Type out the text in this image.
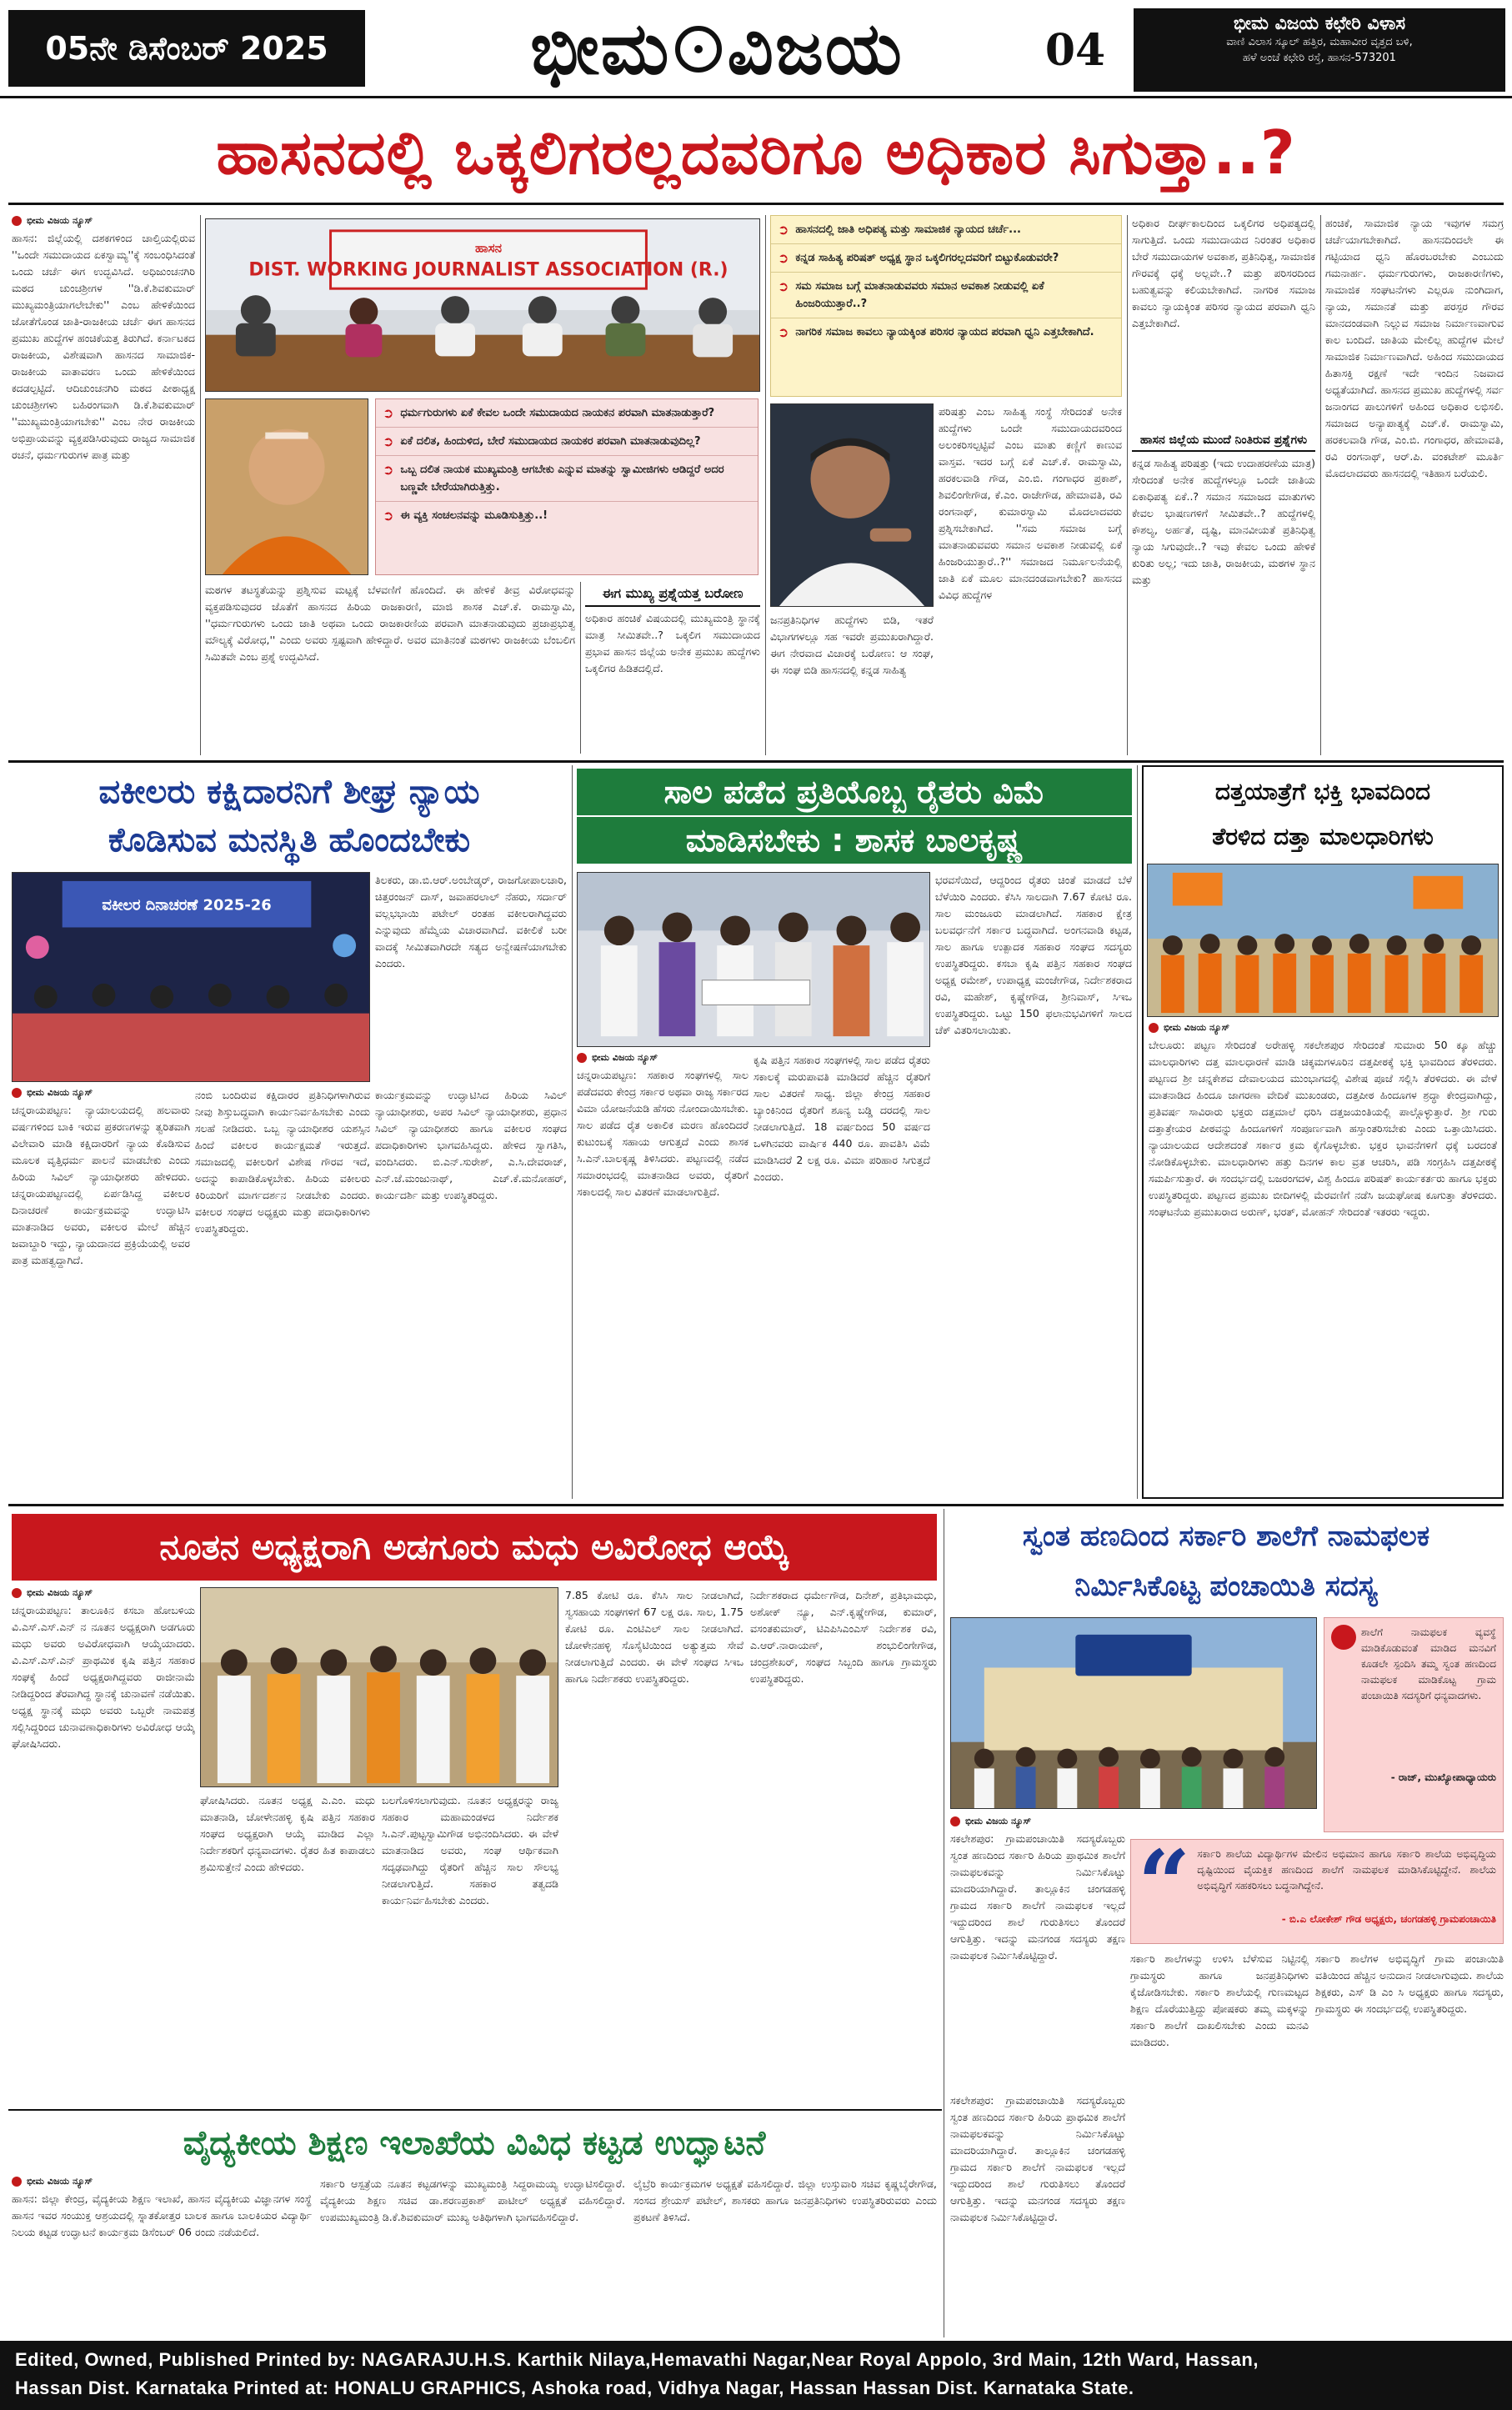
05ನೇ ಡಿಸೆಂಬರ್ 2025	ಭೀಮ ವಿಜಯ	04
ಭೀಮ ವಿಜಯ ಕಛೇರಿ ವಿಳಾಸ
ವಾಣಿ ವಿಲಾಸ ಸ್ಕೂಲ್ ಹತ್ತಿರ, ಮಹಾವೀರ ವೃತ್ತದ ಬಳಿ,
ಹಳೆ ಅಂಚೆ ಕಛೇರಿ ರಸ್ತೆ, ಹಾಸನ-573201
ಹಾಸನದಲ್ಲಿ ಒಕ್ಕಲಿಗರಲ್ಲದವರಿಗೂ ಅಧಿಕಾರ ಸಿಗುತ್ತಾ..?
ಭೀಮ ವಿಜಯ ನ್ಯೂಸ್
ಹಾಸನ: ಜಿಲ್ಲೆಯಲ್ಲಿ ದಶಕಗಳಿಂದ ಚಾಲ್ತಿಯಲ್ಲಿರುವ ''ಒಂದೇ ಸಮುದಾಯದ ಏಕಸ್ವಾಮ್ಯ''ಕ್ಕೆ ಸಂಬಂಧಿಸಿದಂತೆ ಒಂದು ಚರ್ಚೆ ಈಗ ಉದ್ಭವಿಸಿದೆ. ಅಧಿಜುಂಚನಗಿರಿ ಮಠದ ಚುಂಚಶ್ರೀಗಳ ''ಡಿ.ಕೆ.ಶಿವಕುಮಾರ್ ಮುಖ್ಯಮಂತ್ರಿಯಾಗಲೇಬೇಕು'' ಎಂಬ ಹೇಳಿಕೆಯಿಂದ ಜೋತೆಗೊಂಡ ಜಾತಿ-ರಾಜಕೀಯ ಚರ್ಚೆ ಈಗ ಹಾಸನದ ಪ್ರಮುಖ ಹುದ್ದೆಗಳ ಹಂಚಿಕೆಯತ್ತ ತಿರುಗಿದೆ. ಕರ್ನಾಟಕದ ರಾಜಕೀಯ, ವಿಶೇಷವಾಗಿ ಹಾಸನದ ಸಾಮಾಜಿಕ-ರಾಜಕೀಯ ವಾತಾವರಣ ಒಂದು ಹೇಳಿಕೆಯಿಂದ ಕದಡಲ್ಪಟ್ಟಿದೆ. ಆದಿಚುಂಚನಗಿರಿ ಮಠದ ಪೀಠಾಧ್ಯಕ್ಷ ಚುಂಚಶ್ರೀಗಳು ಬಹಿರಂಗವಾಗಿ ಡಿ.ಕೆ.ಶಿವಕುಮಾರ್ ''ಮುಖ್ಯಮಂತ್ರಿಯಾಗಬೇಕು'' ಎಂಬ ನೇರ ರಾಜಕೀಯ ಅಭಿಪ್ರಾಯವನ್ನು ವ್ಯಕ್ತಪಡಿಸಿರುವುದು ರಾಜ್ಯದ ಸಾಮಾಜಿಕ ರಚನೆ, ಧರ್ಮಗುರುಗಳ ಪಾತ್ರ ಮತ್ತು
ಹಾಸನ
DIST. WORKING JOURNALIST ASSOCIATION (R.)
➲ ಧರ್ಮಗುರುಗಳು ಏಕೆ ಕೇವಲ ಒಂದೇ ಸಮುದಾಯದ ನಾಯಕನ ಪರವಾಗಿ ಮಾತನಾಡುತ್ತಾರೆ?
➲ ಏಕೆ ದಲಿತ, ಹಿಂದುಳಿದ, ಬೇರೆ ಸಮುದಾಯದ ನಾಯಕರ ಪರವಾಗಿ ಮಾತನಾಡುವುದಿಲ್ಲ?
➲ ಒಬ್ಬ ದಲಿತ ನಾಯಕ ಮುಖ್ಯಮಂತ್ರಿ ಆಗಬೇಕು ಎನ್ನುವ ಮಾತನ್ನು ಸ್ವಾಮೀಜಿಗಳು ಆಡಿದ್ದರೆ ಅದರ ಬಣ್ಣವೇ ಬೇರೆಯಾಗಿರುತ್ತಿತ್ತು.
➲ ಈ ವ್ಯಕ್ತಿ ಸಂಚಲನವನ್ನು ಮೂಡಿಸುತ್ತಿತ್ತು..!
ಮಠಗಳ ತಟಸ್ಥತೆಯನ್ನು ಪ್ರಶ್ನಿಸುವ ಮಟ್ಟಕ್ಕೆ ಬೆಳವಣಿಗೆ ಹೊಂದಿದೆ. ಈ ಹೇಳಿಕೆ ತೀವ್ರ ವಿರೋಧವನ್ನು ವ್ಯಕ್ತಪಡಿಸುವುದರ ಜೊತೆಗೆ ಹಾಸನದ ಹಿರಿಯ ರಾಜಕಾರಣಿ, ಮಾಜಿ ಶಾಸಕ ಎಚ್.ಕೆ. ರಾಮಸ್ವಾಮಿ, ''ಧರ್ಮಗುರುಗಳು ಒಂದು ಜಾತಿ ಅಥವಾ ಒಂದು ರಾಜಕಾರಣಿಯ ಪರವಾಗಿ ಮಾತನಾಡುವುದು ಪ್ರಜಾಪ್ರಭುತ್ವ ಮೌಲ್ಯಕ್ಕೆ ವಿರೋಧ,'' ಎಂದು ಅವರು ಸ್ಪಷ್ಟವಾಗಿ ಹೇಳಿದ್ದಾರೆ. ಅವರ ಮಾತಿನಂತೆ ಮಠಗಳು ರಾಜಕೀಯ ಬೆಂಬಲಿಗ ಸಿಮಿತವೇ ಎಂಬ ಪ್ರಶ್ನೆ ಉದ್ಭವಿಸಿದೆ.
ಈಗ ಮುಖ್ಯ ಪ್ರಶ್ನೆಯತ್ತ ಬರೋಣ
ಅಧಿಕಾರ ಹಂಚಿಕೆ ವಿಷಯದಲ್ಲಿ ಮುಖ್ಯಮಂತ್ರಿ ಸ್ಥಾನಕ್ಕೆ ಮಾತ್ರ ಸೀಮಿತವೇ..? ಒಕ್ಕಲಿಗ ಸಮುದಾಯದ ಪ್ರಭಾವ ಹಾಸನ ಜಿಲ್ಲೆಯ ಅನೇಕ ಪ್ರಮುಖ ಹುದ್ದೆಗಳು ಒಕ್ಕಲಿಗರ ಹಿಡಿತದಲ್ಲಿದೆ.
➲ ಹಾಸನದಲ್ಲಿ ಜಾತಿ ಅಧಿಪತ್ಯ ಮತ್ತು ಸಾಮಾಜಿಕ ನ್ಯಾಯದ ಚರ್ಚೆ...
➲ ಕನ್ನಡ ಸಾಹಿತ್ಯ ಪರಿಷತ್ ಅಧ್ಯಕ್ಷ ಸ್ಥಾನ ಒಕ್ಕಲಿಗರಲ್ಲದವರಿಗೆ ಬಿಟ್ಟುಕೊಡುವರೇ?
➲ ಸಮ ಸಮಾಜ ಬಗ್ಗೆ ಮಾತನಾಡುವವರು ಸಮಾನ ಅವಕಾಶ ನೀಡುವಲ್ಲಿ ಏಕೆ ಹಿಂಜರಿಯುತ್ತಾರೆ..?
➲ ನಾಗರಿಕ ಸಮಾಜ ಕಾವಲು ನ್ಯಾಯಕ್ಕಿಂತ ಪರಿಸರ ನ್ಯಾಯದ ಪರವಾಗಿ ಧ್ವನಿ ಎತ್ತಬೇಕಾಗಿದೆ.
ಪರಿಷತ್ತು ಎಂಬ ಸಾಹಿತ್ಯ ಸಂಸ್ಥೆ ಸೇರಿದಂತೆ ಅನೇಕ ಹುದ್ದೆಗಳು ಒಂದೇ ಸಮುದಾಯದವರಿಂದ ಅಲಂಕರಿಸಲ್ಪಟ್ಟಿವೆ ಎಂಬ ಮಾತು ಕಣ್ಣಿಗೆ ಕಾಣುವ ವಾಸ್ತವ. ಇದರ ಬಗ್ಗೆ ಏಕೆ ಎಚ್.ಕೆ. ರಾಮಸ್ವಾಮಿ, ಹರಕಲವಾಡಿ ಗೌಡ, ಎಂ.ಬಿ. ಗಂಗಾಧರ ಪ್ರಕಾಶ್, ಶಿವಲಿಂಗೇಗೌಡ, ಕೆ.ಎಂ. ರಾಜೇಗೌಡ, ಹೇಮಾವತಿ, ರವಿ ರಂಗನಾಥ್, ಕುಮಾರಸ್ವಾಮಿ ಮೊದಲಾದವರು ಪ್ರಶ್ನಿಸಬೇಕಾಗಿದೆ. ''ಸಮ ಸಮಾಜ ಬಗ್ಗೆ ಮಾತನಾಡುವವರು ಸಮಾನ ಅವಕಾಶ ನೀಡುವಲ್ಲಿ ಏಕೆ ಹಿಂಜರಿಯುತ್ತಾರೆ..?'' ಸಮಾಜದ ನಿರ್ಮೂಲನೆಯಲ್ಲಿ ಜಾತಿ ಏಕೆ ಮೂಲ ಮಾನದಂಡವಾಗಬೇಕು? ಹಾಸನದ ವಿವಿಧ ಹುದ್ದೆಗಳ
ಜನಪ್ರತಿನಿಧಿಗಳ ಹುದ್ದೆಗಳು ಬಿಡಿ, ಇತರೆ ವಿಭಾಗಗಳಲ್ಲೂ ಸಹ ಇವರೇ ಪ್ರಮುಖರಾಗಿದ್ದಾರೆ. ಈಗ ನೇರವಾದ ವಿಚಾರಕ್ಕೆ ಬರೋಣ: ಆ ಸಂಘ, ಈ ಸಂಘ ಬಿಡಿ ಹಾಸನದಲ್ಲಿ ಕನ್ನಡ ಸಾಹಿತ್ಯ
ಅಧಿಕಾರ ದೀರ್ಘಕಾಲದಿಂದ ಒಕ್ಕಲಿಗರ ಅಧಿಪತ್ಯದಲ್ಲಿ ಸಾಗುತ್ತಿದೆ. ಒಂದು ಸಮುದಾಯದ ನಿರಂತರ ಅಧಿಕಾರ ಬೇರೆ ಸಮುದಾಯಗಳ ಅವಕಾಶ, ಪ್ರತಿನಿಧಿತ್ವ, ಸಾಮಾಜಿಕ ಗೌರವಕ್ಕೆ ಧಕ್ಕೆ ಅಲ್ಲವೇ..? ಮತ್ತು ಪರಿಸರದಿಂದ ಬಹುತ್ವವನ್ನು ಕಲಿಯಬೇಕಾಗಿದೆ. ನಾಗರಿಕ ಸಮಾಜ ಕಾವಲು ನ್ಯಾಯಕ್ಕಿಂತ ಪರಿಸರ ನ್ಯಾಯದ ಪರವಾಗಿ ಧ್ವನಿ ಎತ್ತಬೇಕಾಗಿದೆ.
ಹಾಸನ ಜಿಲ್ಲೆಯ ಮುಂದೆ ನಿಂತಿರುವ ಪ್ರಶ್ನೆಗಳು
ಕನ್ನಡ ಸಾಹಿತ್ಯ ಪರಿಷತ್ತು (ಇದು ಉದಾಹರಣೆಯ ಮಾತ್ರ) ಸೇರಿದಂತೆ ಅನೇಕ ಹುದ್ದೆಗಳಲ್ಲೂ ಒಂದೇ ಜಾತಿಯ ಏಕಾಧಿಪತ್ಯ ಏಕೆ..? ಸಮಾನ ಸಮಾಜದ ಮಾತುಗಳು ಕೇವಲ ಭಾಷಣಗಳಿಗೆ ಸೀಮಿತವೇ..? ಹುದ್ದೆಗಳಲ್ಲಿ ಕೌಶಲ್ಯ, ಅರ್ಹತೆ, ದೃಷ್ಟಿ, ಮಾನವೀಯತೆ ಪ್ರತಿನಿಧಿತ್ವ ನ್ಯಾಯ ಸಿಗುವುದೇ..? ಇವು ಕೇವಲ ಒಂದು ಹೇಳಿಕೆ ಕುರಿತು ಅಲ್ಲ; ಇದು ಜಾತಿ, ರಾಜಕೀಯ, ಮಠಗಳ ಸ್ಥಾನ ಮತ್ತು
ಹಂಚಿಕೆ, ಸಾಮಾಜಿಕ ನ್ಯಾಯ ಇವುಗಳ ಸಮಗ್ರ ಚರ್ಚೆಯಾಗಬೇಕಾಗಿದೆ. ಹಾಸನದಿಂದಲೇ ಈ ಗಟ್ಟಿಯಾದ ಧ್ವನಿ ಹೊರಬರಬೇಕು ಎಂಬುದು ಗಮನಾರ್ಹ. ಧರ್ಮಗುರುಗಳು, ರಾಜಕಾರಣಿಗಳು, ಸಾಮಾಜಿಕ ಸಂಘಟನೆಗಳು ಎಲ್ಲರೂ ನುಂಗಿದಾಗ, ನ್ಯಾಯ, ಸಮಾನತೆ ಮತ್ತು ಪರಸ್ಪರ ಗೌರವ ಮಾನದಂಡವಾಗಿ ನಿಲ್ಲುವ ಸಮಾಜ ನಿರ್ಮಾಣವಾಗುವ ಕಾಲ ಬಂದಿದೆ. ಜಾತಿಯ ಮೇಲಿಲ್ಲ ಹುದ್ದೆಗಳ ಮೇಲೆ ಸಾಮಾಜಿಕ ನಿರ್ಮಾಣವಾಗಿದೆ. ಅಹಿಂದ ಸಮುದಾಯದ ಹಿತಾಸಕ್ತಿ ರಕ್ಷಣೆ ಇದೇ ಇಂದಿನ ನಿಜವಾದ ಅಧ್ಯತೆಯಾಗಿದೆ. ಹಾಸನದ ಪ್ರಮುಖ ಹುದ್ದೆಗಳಲ್ಲಿ ಸರ್ವ ಜನಾಂಗದ ಪಾಲುಗಳಿಗೆ ಅಹಿಂದ ಅಧಿಕಾರ ಲಭಿಸಲಿ. ಸಮಾಜದ ಅನ್ಯಾಪಾತ್ಯಕ್ಕೆ ಎಚ್.ಕೆ. ರಾಮಸ್ವಾಮಿ, ಹರಕಲವಾಡಿ ಗೌಡ, ಎಂ.ಬಿ. ಗಂಗಾಧರ, ಹೇಮಾವತಿ, ರವಿ ರಂಗನಾಥ್, ಆರ್.ಪಿ. ವಂಕಟೇಶ್ ಮೂರ್ತಿ ಮೊದಲಾದವರು ಹಾಸನದಲ್ಲಿ ಇತಿಹಾಸ ಬರೆಯಲಿ.
ವಕೀಲರು ಕಕ್ಷಿದಾರನಿಗೆ ಶೀಘ್ರ ನ್ಯಾಯ
ಕೊಡಿಸುವ ಮನಸ್ಥಿತಿ ಹೊಂದಬೇಕು
ವಕೀಲರ ದಿನಾಚರಣೆ 2025-26
ತಿಲಕರು, ಡಾ.ಬಿ.ಆರ್.ಅಂಬೇಡ್ಕರ್, ರಾಜಗೋಪಾಲಚಾರಿ, ಚಿತ್ತರಂಜನ್ ದಾಸ್, ಜವಾಹರಲಾಲ್ ನೆಹರು, ಸರ್ದಾರ್ ವಲ್ಲಭಭಾಯಿ ಪಟೇಲ್ ರಂತಹ ವಕೀಲರಾಗಿದ್ದವರು ಎನ್ನುವುದು ಹೆಮ್ಮೆಯ ವಿಚಾರವಾಗಿದೆ. ವಕೀಲಿಕೆ ಬರೀ ವಾದಕ್ಕೆ ಸೀಮಿತವಾಗಿರದೇ ಸತ್ಯದ ಅನ್ವೇಷಣೆಯಾಗಬೇಕು ಎಂದರು.
ಭೀಮ ವಿಜಯ ನ್ಯೂಸ್
ಚನ್ನರಾಯಪಟ್ಟಣ: ನ್ಯಾಯಾಲಯದಲ್ಲಿ ಹಲವಾರು ವರ್ಷಗಳಿಂದ ಬಾಕಿ ಇರುವ ಪ್ರಕರಣಗಳನ್ನು ತ್ವರಿತವಾಗಿ ವಿಲೇವಾರಿ ಮಾಡಿ ಕಕ್ಷಿದಾರರಿಗೆ ನ್ಯಾಯ ಕೊಡಿಸುವ ಮೂಲಕ ವೃತ್ತಿಧರ್ಮ ಪಾಲನೆ ಮಾಡಬೇಕು ಎಂದು ಹಿರಿಯ ಸಿವಿಲ್ ನ್ಯಾಯಾಧೀಶರು ಹೇಳಿದರು. ಚನ್ನರಾಯಪಟ್ಟಣದಲ್ಲಿ ಏರ್ಪಡಿಸಿದ್ದ ವಕೀಲರ ದಿನಾಚರಣೆ ಕಾರ್ಯಕ್ರಮವನ್ನು ಉದ್ಘಾಟಿಸಿ ಮಾತನಾಡಿದ ಅವರು, ವಕೀಲರ ಮೇಲೆ ಹೆಚ್ಚಿನ ಜವಾಬ್ದಾರಿ ಇದ್ದು, ನ್ಯಾಯದಾನದ ಪ್ರಕ್ರಿಯೆಯಲ್ಲಿ ಅವರ ಪಾತ್ರ ಮಹತ್ವದ್ದಾಗಿದೆ.
ನಂಬಿ ಬಂದಿರುವ ಕಕ್ಷಿದಾರರ ಪ್ರತಿನಿಧಿಗಳಾಗಿರುವ ನೀವು ಶಿಸ್ತುಬದ್ಧವಾಗಿ ಕಾರ್ಯನಿರ್ವಹಿಸಬೇಕು ಎಂದು ಸಲಹೆ ನೀಡಿದರು. ಒಬ್ಬ ನ್ಯಾಯಾಧೀಶರ ಯಶಸ್ಸಿನ ಹಿಂದೆ ವಕೀಲರ ಕಾರ್ಯಕ್ಷಮತೆ ಇರುತ್ತದೆ. ಸಮಾಜದಲ್ಲಿ ವಕೀಲರಿಗೆ ವಿಶೇಷ ಗೌರವ ಇದೆ, ಅದನ್ನು ಕಾಪಾಡಿಕೊಳ್ಳಬೇಕು. ಹಿರಿಯ ವಕೀಲರು ಕಿರಿಯರಿಗೆ ಮಾರ್ಗದರ್ಶನ ನೀಡಬೇಕು ಎಂದರು. ವಕೀಲರ ಸಂಘದ ಅಧ್ಯಕ್ಷರು ಮತ್ತು ಪದಾಧಿಕಾರಿಗಳು ಉಪಸ್ಥಿತರಿದ್ದರು.
ಕಾರ್ಯಕ್ರಮವನ್ನು ಉದ್ಘಾಟಿಸಿದ ಹಿರಿಯ ಸಿವಿಲ್ ನ್ಯಾಯಾಧೀಶರು, ಅಪರ ಸಿವಿಲ್ ನ್ಯಾಯಾಧೀಶರು, ಪ್ರಧಾನ ಸಿವಿಲ್ ನ್ಯಾಯಾಧೀಶರು ಹಾಗೂ ವಕೀಲರ ಸಂಘದ ಪದಾಧಿಕಾರಿಗಳು ಭಾಗವಹಿಸಿದ್ದರು. ಹೇಳಿದ ಸ್ವಾಗತಿಸಿ, ವಂದಿಸಿದರು. ಬಿ.ಎನ್.ಸುರೇಶ್, ಎ.ಸಿ.ದೇವರಾಜ್, ಎನ್.ಜೆ.ಮಂಜುನಾಥ್, ಎಚ್.ಕೆ.ಮನೋಹರ್, ಕಾರ್ಯದರ್ಶಿ ಮತ್ತು ಉಪಸ್ಥಿತರಿದ್ದರು.
ಸಾಲ ಪಡೆದ ಪ್ರತಿಯೊಬ್ಬ ರೈತರು ವಿಮೆ
ಮಾಡಿಸಬೇಕು : ಶಾಸಕ ಬಾಲಕೃಷ್ಣ
ಭರವಸೆಯಿದೆ, ಆದ್ದರಿಂದ ರೈತರು ಚಿಂತೆ ಮಾಡದೆ ಬೆಳೆ ಬೆಳೆಯಿರಿ ಎಂದರು. ಕೆಸಿಸಿ ಸಾಲದಾಗಿ 7.67 ಕೋಟಿ ರೂ. ಸಾಲ ಮಂಜೂರು ಮಾಡಲಾಗಿದೆ. ಸಹಕಾರ ಕ್ಷೇತ್ರ ಬಲವರ್ಧನೆಗೆ ಸರ್ಕಾರ ಬದ್ಧವಾಗಿದೆ. ಅಂಗನವಾಡಿ ಕಟ್ಟಡ, ಸಾಲ ಹಾಗೂ ಉತ್ಪಾದಕ ಸಹಕಾರ ಸಂಘದ ಸದಸ್ಯರು ಉಪಸ್ಥಿತರಿದ್ದರು. ಕಸಬಾ ಕೃಷಿ ಪತ್ತಿನ ಸಹಕಾರ ಸಂಘದ ಅಧ್ಯಕ್ಷ ರಮೇಶ್, ಉಪಾಧ್ಯಕ್ಷ ಮಂಜೇಗೌಡ, ನಿರ್ದೇಶಕರಾದ ರವಿ, ಮಹೇಶ್, ಕೃಷ್ಣೇಗೌಡ, ಶ್ರೀನಿವಾಸ್, ಸಿಇಒ ಉಪಸ್ಥಿತರಿದ್ದರು. ಒಟ್ಟು 150 ಫಲಾನುಭವಿಗಳಿಗೆ ಸಾಲದ ಚೆಕ್ ವಿತರಿಸಲಾಯಿತು.
ಭೀಮ ವಿಜಯ ನ್ಯೂಸ್
ಚನ್ನರಾಯಪಟ್ಟಣ: ಸಹಕಾರ ಸಂಘಗಳಲ್ಲಿ ಸಾಲ ಪಡೆದವರು ಕೇಂದ್ರ ಸರ್ಕಾರ ಅಥವಾ ರಾಜ್ಯ ಸರ್ಕಾರದ ವಿಮಾ ಯೋಜನೆಯಡಿ ಹೆಸರು ನೋಂದಾಯಿಸಬೇಕು. ಸಾಲ ಪಡೆದ ರೈತ ಅಕಾಲಿಕ ಮರಣ ಹೊಂದಿದರೆ ಕುಟುಂಬಕ್ಕೆ ಸಹಾಯ ಆಗುತ್ತದೆ ಎಂದು ಶಾಸಕ ಸಿ.ಎನ್.ಬಾಲಕೃಷ್ಣ ತಿಳಿಸಿದರು. ಪಟ್ಟಣದಲ್ಲಿ ನಡೆದ ಸಮಾರಂಭದಲ್ಲಿ ಮಾತನಾಡಿದ ಅವರು, ರೈತರಿಗೆ ಸಕಾಲದಲ್ಲಿ ಸಾಲ ವಿತರಣೆ ಮಾಡಲಾಗುತ್ತಿದೆ.
ಕೃಷಿ ಪತ್ತಿನ ಸಹಕಾರ ಸಂಘಗಳಲ್ಲಿ ಸಾಲ ಪಡೆದ ರೈತರು ಸಕಾಲಕ್ಕೆ ಮರುಪಾವತಿ ಮಾಡಿದರೆ ಹೆಚ್ಚಿನ ರೈತರಿಗೆ ಸಾಲ ವಿತರಣೆ ಸಾಧ್ಯ. ಜಿಲ್ಲಾ ಕೇಂದ್ರ ಸಹಕಾರ ಬ್ಯಾಂಕಿನಿಂದ ರೈತರಿಗೆ ಶೂನ್ಯ ಬಡ್ಡಿ ದರದಲ್ಲಿ ಸಾಲ ನೀಡಲಾಗುತ್ತಿದೆ. 18 ವರ್ಷದಿಂದ 50 ವರ್ಷದ ಒಳಗಿನವರು ವಾರ್ಷಿಕ 440 ರೂ. ಪಾವತಿಸಿ ವಿಮೆ ಮಾಡಿಸಿದರೆ 2 ಲಕ್ಷ ರೂ. ವಿಮಾ ಪರಿಹಾರ ಸಿಗುತ್ತದೆ ಎಂದರು.
ದತ್ತಯಾತ್ರೆಗೆ ಭಕ್ತಿ ಭಾವದಿಂದ
ತೆರಳಿದ ದತ್ತಾ ಮಾಲಧಾರಿಗಳು
ಭೀಮ ವಿಜಯ ನ್ಯೂಸ್
ಬೇಲೂರು: ಪಟ್ಟಣ ಸೇರಿದಂತೆ ಅರೇಹಳ್ಳಿ ಸಕಲೇಶಪುರ ಸೇರಿದಂತೆ ಸುಮಾರು 50 ಕ್ಕೂ ಹೆಚ್ಚು ಮಾಲಧಾರಿಗಳು ದತ್ತ ಮಾಲಧಾರಣೆ ಮಾಡಿ ಚಿಕ್ಕಮಗಳೂರಿನ ದತ್ತಪೀಠಕ್ಕೆ ಭಕ್ತಿ ಭಾವದಿಂದ ತೆರಳಿದರು. ಪಟ್ಟಣದ ಶ್ರೀ ಚನ್ನಕೇಶವ ದೇವಾಲಯದ ಮುಂಭಾಗದಲ್ಲಿ ವಿಶೇಷ ಪೂಜೆ ಸಲ್ಲಿಸಿ ತೆರಳಿದರು. ಈ ವೇಳೆ ಮಾತನಾಡಿದ ಹಿಂದೂ ಜಾಗರಣಾ ವೇದಿಕೆ ಮುಖಂಡರು, ದತ್ತಪೀಠ ಹಿಂದೂಗಳ ಶ್ರದ್ಧಾ ಕೇಂದ್ರವಾಗಿದ್ದು, ಪ್ರತಿವರ್ಷ ಸಾವಿರಾರು ಭಕ್ತರು ದತ್ತಮಾಲೆ ಧರಿಸಿ ದತ್ತಜಯಂತಿಯಲ್ಲಿ ಪಾಲ್ಗೊಳ್ಳುತ್ತಾರೆ. ಶ್ರೀ ಗುರು ದತ್ತಾತ್ರೇಯರ ಪೀಠವನ್ನು ಹಿಂದೂಗಳಿಗೆ ಸಂಪೂರ್ಣವಾಗಿ ಹಸ್ತಾಂತರಿಸಬೇಕು ಎಂದು ಒತ್ತಾಯಿಸಿದರು. ನ್ಯಾಯಾಲಯದ ಆದೇಶದಂತೆ ಸರ್ಕಾರ ಕ್ರಮ ಕೈಗೊಳ್ಳಬೇಕು. ಭಕ್ತರ ಭಾವನೆಗಳಿಗೆ ಧಕ್ಕೆ ಬರದಂತೆ ನೋಡಿಕೊಳ್ಳಬೇಕು. ಮಾಲಧಾರಿಗಳು ಹತ್ತು ದಿನಗಳ ಕಾಲ ವ್ರತ ಆಚರಿಸಿ, ಪಡಿ ಸಂಗ್ರಹಿಸಿ ದತ್ತಪೀಠಕ್ಕೆ ಸಮರ್ಪಿಸುತ್ತಾರೆ. ಈ ಸಂದರ್ಭದಲ್ಲಿ ಬಜರಂಗದಳ, ವಿಶ್ವ ಹಿಂದೂ ಪರಿಷತ್ ಕಾರ್ಯಕರ್ತರು ಹಾಗೂ ಭಕ್ತರು ಉಪಸ್ಥಿತರಿದ್ದರು. ಪಟ್ಟಣದ ಪ್ರಮುಖ ಬೀದಿಗಳಲ್ಲಿ ಮೆರವಣಿಗೆ ನಡೆಸಿ ಜಯಘೋಷ ಕೂಗುತ್ತಾ ತೆರಳಿದರು. ಸಂಘಟನೆಯ ಪ್ರಮುಖರಾದ ಅರುಣ್, ಭರತ್, ಮೋಹನ್ ಸೇರಿದಂತೆ ಇತರರು ಇದ್ದರು.
ನೂತನ ಅಧ್ಯಕ್ಷರಾಗಿ ಅಡಗೂರು ಮಧು ಅವಿರೋಧ ಆಯ್ಕೆ
ಭೀಮ ವಿಜಯ ನ್ಯೂಸ್
ಚನ್ನರಾಯಪಟ್ಟಣ: ತಾಲೂಕಿನ ಕಸಬಾ ಹೋಬಳಿಯ ವಿ.ಎಸ್.ಎಸ್.ಎನ್ ನ ನೂತನ ಅಧ್ಯಕ್ಷರಾಗಿ ಅಡಗೂರು ಮಧು ಅವರು ಅವಿರೋಧವಾಗಿ ಆಯ್ಕೆಯಾದರು. ವಿ.ಎಸ್.ಎಸ್.ಎನ್ ಪ್ರಾಥಮಿಕ ಕೃಷಿ ಪತ್ತಿನ ಸಹಕಾರ ಸಂಘಕ್ಕೆ ಹಿಂದೆ ಅಧ್ಯಕ್ಷರಾಗಿದ್ದವರು ರಾಜೀನಾಮೆ ನೀಡಿದ್ದರಿಂದ ತೆರವಾಗಿದ್ದ ಸ್ಥಾನಕ್ಕೆ ಚುನಾವಣೆ ನಡೆಯಿತು. ಅಧ್ಯಕ್ಷ ಸ್ಥಾನಕ್ಕೆ ಮಧು ಅವರು ಒಬ್ಬರೇ ನಾಮಪತ್ರ ಸಲ್ಲಿಸಿದ್ದರಿಂದ ಚುನಾವಣಾಧಿಕಾರಿಗಳು ಅವಿರೋಧ ಆಯ್ಕೆ ಘೋಷಿಸಿದರು.
ಘೋಷಿಸಿದರು. ನೂತನ ಅಧ್ಯಕ್ಷ ಎ.ಎಂ. ಮಧು ಮಾತನಾಡಿ, ಚೋಳೇನಹಳ್ಳಿ ಕೃಷಿ ಪತ್ತಿನ ಸಹಕಾರ ಸಂಘದ ಅಧ್ಯಕ್ಷರಾಗಿ ಆಯ್ಕೆ ಮಾಡಿದ ಎಲ್ಲಾ ನಿರ್ದೇಶಕರಿಗೆ ಧನ್ಯವಾದಗಳು. ರೈತರ ಹಿತ ಕಾಪಾಡಲು ಶ್ರಮಿಸುತ್ತೇನೆ ಎಂದು ಹೇಳಿದರು.
ಬಲಗೊಳಿಸಲಾಗುವುದು. ನೂತನ ಅಧ್ಯಕ್ಷರನ್ನು ರಾಜ್ಯ ಸಹಕಾರ ಮಹಾಮಂಡಳದ ನಿರ್ದೇಶಕ ಸಿ.ಎನ್.ಪುಟ್ಟಸ್ವಾಮಿಗೌಡ ಅಭಿನಂದಿಸಿದರು. ಈ ವೇಳೆ ಮಾತನಾಡಿದ ಅವರು, ಸಂಘ ಆರ್ಥಿಕವಾಗಿ ಸದೃಢವಾಗಿದ್ದು ರೈತರಿಗೆ ಹೆಚ್ಚಿನ ಸಾಲ ಸೌಲಭ್ಯ ನೀಡಲಾಗುತ್ತಿದೆ. ಸಹಕಾರ ತತ್ವದಡಿ ಕಾರ್ಯನಿರ್ವಹಿಸಬೇಕು ಎಂದರು.
7.85 ಕೋಟಿ ರೂ. ಕೆಸಿಸಿ ಸಾಲ ನೀಡಲಾಗಿದೆ, ಸ್ವಸಹಾಯ ಸಂಘಗಳಿಗೆ 67 ಲಕ್ಷ ರೂ. ಸಾಲ, 1.75 ಕೋಟಿ ರೂ. ಎಂಟಿಎಲ್ ಸಾಲ ನೀಡಲಾಗಿದೆ. ಚೋಳೇನಹಳ್ಳಿ ಸೊಸೈಟಿಯಿಂದ ಅತ್ಯುತ್ತಮ ಸೇವೆ ನೀಡಲಾಗುತ್ತಿದೆ ಎಂದರು. ಈ ವೇಳೆ ಸಂಘದ ಸಿಇಒ ಹಾಗೂ ನಿರ್ದೇಶಕರು ಉಪಸ್ಥಿತರಿದ್ದರು.
ನಿರ್ದೇಶಕರಾದ ಧರ್ಮೇಗೌಡ, ದಿನೇಶ್, ಪ್ರತಿಭಾಮಧು, ಅಶೋಕ್ ನ್ಯೂ, ಎನ್.ಕೃಷ್ಣೇಗೌಡ, ಕುಮಾರ್, ವಸಂತಕುಮಾರ್, ಟಿಎಪಿಸಿಎಂಎಸ್ ನಿರ್ದೇಶಕ ರವಿ, ಎ.ಆರ್.ನಾರಾಯಣ್, ಶಂಭುಲಿಂಗೇಗೌಡ, ಚಂದ್ರಶೇಖರ್, ಸಂಘದ ಸಿಬ್ಬಂದಿ ಹಾಗೂ ಗ್ರಾಮಸ್ಥರು ಉಪಸ್ಥಿತರಿದ್ದರು.
ಸ್ವಂತ ಹಣದಿಂದ ಸರ್ಕಾರಿ ಶಾಲೆಗೆ ನಾಮಫಲಕ
ನಿರ್ಮಿಸಿಕೊಟ್ಟ ಪಂಚಾಯಿತಿ ಸದಸ್ಯ
ಶಾಲೆಗೆ ನಾಮಫಲಕ ವ್ಯವಸ್ಥೆ ಮಾಡಿಕೊಡುವಂತೆ ಮಾಡಿದ ಮನವಿಗೆ ಕೂಡಲೇ ಸ್ಪಂದಿಸಿ ತಮ್ಮ ಸ್ವಂತ ಹಣದಿಂದ ನಾಮಫಲಕ ಮಾಡಿಕೊಟ್ಟ ಗ್ರಾಮ ಪಂಚಾಯಿತಿ ಸದಸ್ಯರಿಗೆ ಧನ್ಯವಾದಗಳು.
- ರಾಜ್, ಮುಖ್ಯೋಪಾಧ್ಯಾಯರು
ಭೀಮ ವಿಜಯ ನ್ಯೂಸ್
ಸಕಲೇಶಪುರ: ಗ್ರಾಮಪಂಚಾಯಿತಿ ಸದಸ್ಯರೊಬ್ಬರು ಸ್ವಂತ ಹಣದಿಂದ ಸರ್ಕಾರಿ ಹಿರಿಯ ಪ್ರಾಥಮಿಕ ಶಾಲೆಗೆ ನಾಮಫಲಕವನ್ನು ನಿರ್ಮಿಸಿಕೊಟ್ಟು ಮಾದರಿಯಾಗಿದ್ದಾರೆ. ತಾಲ್ಲೂಕಿನ ಚಂಗಡಹಳ್ಳಿ ಗ್ರಾಮದ ಸರ್ಕಾರಿ ಶಾಲೆಗೆ ನಾಮಫಲಕ ಇಲ್ಲದೆ ಇದ್ದುದರಿಂದ ಶಾಲೆ ಗುರುತಿಸಲು ತೊಂದರೆ ಆಗುತ್ತಿತ್ತು. ಇದನ್ನು ಮನಗಂಡ ಸದಸ್ಯರು ತಕ್ಷಣ ನಾಮಫಲಕ ನಿರ್ಮಿಸಿಕೊಟ್ಟಿದ್ದಾರೆ.
“ ಸರ್ಕಾರಿ ಶಾಲೆಯ ವಿದ್ಯಾರ್ಥಿಗಳ ಮೇಲಿನ ಅಭಿಮಾನ ಹಾಗೂ ಸರ್ಕಾರಿ ಶಾಲೆಯ ಅಭಿವೃದ್ಧಿಯ ದೃಷ್ಟಿಯಿಂದ ವೈಯಕ್ತಿಕ ಹಣದಿಂದ ಶಾಲೆಗೆ ನಾಮಫಲಕ ಮಾಡಿಸಿಕೊಟ್ಟಿದ್ದೇನೆ. ಶಾಲೆಯ ಅಭಿವೃದ್ಧಿಗೆ ಸಹಕರಿಸಲು ಬದ್ಧನಾಗಿದ್ದೇನೆ.
- ಬಿ.ಎ ಲೋಕೇಶ್ ಗೌಡ ಅಧ್ಯಕ್ಷರು, ಚಂಗಡಹಳ್ಳಿ ಗ್ರಾಮಪಂಚಾಯಿತಿ
ಸಕಲೇಶಪುರ: ಗ್ರಾಮಪಂಚಾಯಿತಿ ಸದಸ್ಯರೊಬ್ಬರು ಸ್ವಂತ ಹಣದಿಂದ ಸರ್ಕಾರಿ ಹಿರಿಯ ಪ್ರಾಥಮಿಕ ಶಾಲೆಗೆ ನಾಮಫಲಕವನ್ನು ನಿರ್ಮಿಸಿಕೊಟ್ಟು ಮಾದರಿಯಾಗಿದ್ದಾರೆ. ತಾಲ್ಲೂಕಿನ ಚಂಗಡಹಳ್ಳಿ ಗ್ರಾಮದ ಸರ್ಕಾರಿ ಶಾಲೆಗೆ ನಾಮಫಲಕ ಇಲ್ಲದೆ ಇದ್ದುದರಿಂದ ಶಾಲೆ ಗುರುತಿಸಲು ತೊಂದರೆ ಆಗುತ್ತಿತ್ತು. ಇದನ್ನು ಮನಗಂಡ ಸದಸ್ಯರು ತಕ್ಷಣ ನಾಮಫಲಕ ನಿರ್ಮಿಸಿಕೊಟ್ಟಿದ್ದಾರೆ.
ಸರ್ಕಾರಿ ಶಾಲೆಗಳನ್ನು ಉಳಿಸಿ ಬೆಳೆಸುವ ನಿಟ್ಟಿನಲ್ಲಿ ಗ್ರಾಮಸ್ಥರು ಹಾಗೂ ಜನಪ್ರತಿನಿಧಿಗಳು ಕೈಜೋಡಿಸಬೇಕು. ಸರ್ಕಾರಿ ಶಾಲೆಯಲ್ಲಿ ಗುಣಮಟ್ಟದ ಶಿಕ್ಷಣ ದೊರೆಯುತ್ತಿದ್ದು ಪೋಷಕರು ತಮ್ಮ ಮಕ್ಕಳನ್ನು ಸರ್ಕಾರಿ ಶಾಲೆಗೆ ದಾಖಲಿಸಬೇಕು ಎಂದು ಮನವಿ ಮಾಡಿದರು.
ಸರ್ಕಾರಿ ಶಾಲೆಗಳ ಅಭಿವೃದ್ಧಿಗೆ ಗ್ರಾಮ ಪಂಚಾಯಿತಿ ವತಿಯಿಂದ ಹೆಚ್ಚಿನ ಅನುದಾನ ನೀಡಲಾಗುವುದು. ಶಾಲೆಯ ಶಿಕ್ಷಕರು, ಎಸ್ ಡಿ ಎಂ ಸಿ ಅಧ್ಯಕ್ಷರು ಹಾಗೂ ಸದಸ್ಯರು, ಗ್ರಾಮಸ್ಥರು ಈ ಸಂದರ್ಭದಲ್ಲಿ ಉಪಸ್ಥಿತರಿದ್ದರು.
ವೈದ್ಯಕೀಯ ಶಿಕ್ಷಣ ಇಲಾಖೆಯ ವಿವಿಧ ಕಟ್ಟಡ ಉದ್ಘಾಟನೆ
ಭೀಮ ವಿಜಯ ನ್ಯೂಸ್
ಹಾಸನ: ಜಿಲ್ಲಾ ಕೇಂದ್ರ, ವೈದ್ಯಕೀಯ ಶಿಕ್ಷಣ ಇಲಾಖೆ, ಹಾಸನ ವೈದ್ಯಕೀಯ ವಿಜ್ಞಾನಗಳ ಸಂಸ್ಥೆ ಹಾಸನ ಇವರ ಸಂಯುಕ್ತ ಆಶ್ರಯದಲ್ಲಿ ಸ್ನಾತಕೋತ್ತರ ಬಾಲಕ ಹಾಗೂ ಬಾಲಕಿಯರ ವಿದ್ಯಾರ್ಥಿ ನಿಲಯ ಕಟ್ಟಡ ಉದ್ಘಾಟನೆ ಕಾರ್ಯಕ್ರಮ ಡಿಸೆಂಬರ್ 06 ರಂದು ನಡೆಯಲಿದೆ.
ಸರ್ಕಾರಿ ಆಸ್ಪತ್ರೆಯ ನೂತನ ಕಟ್ಟಡಗಳನ್ನು ಮುಖ್ಯಮಂತ್ರಿ ಸಿದ್ದರಾಮಯ್ಯ ಉದ್ಘಾಟಿಸಲಿದ್ದಾರೆ. ವೈದ್ಯಕೀಯ ಶಿಕ್ಷಣ ಸಚಿವ ಡಾ.ಶರಣಪ್ರಕಾಶ್ ಪಾಟೀಲ್ ಅಧ್ಯಕ್ಷತೆ ವಹಿಸಲಿದ್ದಾರೆ. ಉಪಮುಖ್ಯಮಂತ್ರಿ ಡಿ.ಕೆ.ಶಿವಕುಮಾರ್ ಮುಖ್ಯ ಅತಿಥಿಗಳಾಗಿ ಭಾಗವಹಿಸಲಿದ್ದಾರೆ.
ಲೈಬ್ರೆರಿ ಕಾರ್ಯಕ್ರಮಗಳ ಅಧ್ಯಕ್ಷತೆ ವಹಿಸಲಿದ್ದಾರೆ. ಜಿಲ್ಲಾ ಉಸ್ತುವಾರಿ ಸಚಿವ ಕೃಷ್ಣಬೈರೇಗೌಡ, ಸಂಸದ ಶ್ರೇಯಸ್ ಪಟೇಲ್, ಶಾಸಕರು ಹಾಗೂ ಜನಪ್ರತಿನಿಧಿಗಳು ಉಪಸ್ಥಿತರಿರುವರು ಎಂದು ಪ್ರಕಟಣೆ ತಿಳಿಸಿದೆ.
Edited, Owned, Published Printed by: NAGARAJU.H.S. Karthik Nilaya,Hemavathi Nagar,Near Royal Appolo, 3rd Main, 12th Ward, Hassan,
Hassan Dist. Karnataka Printed at: HONALU GRAPHICS, Ashoka road, Vidhya Nagar, Hassan Hassan Dist. Karnataka State.
